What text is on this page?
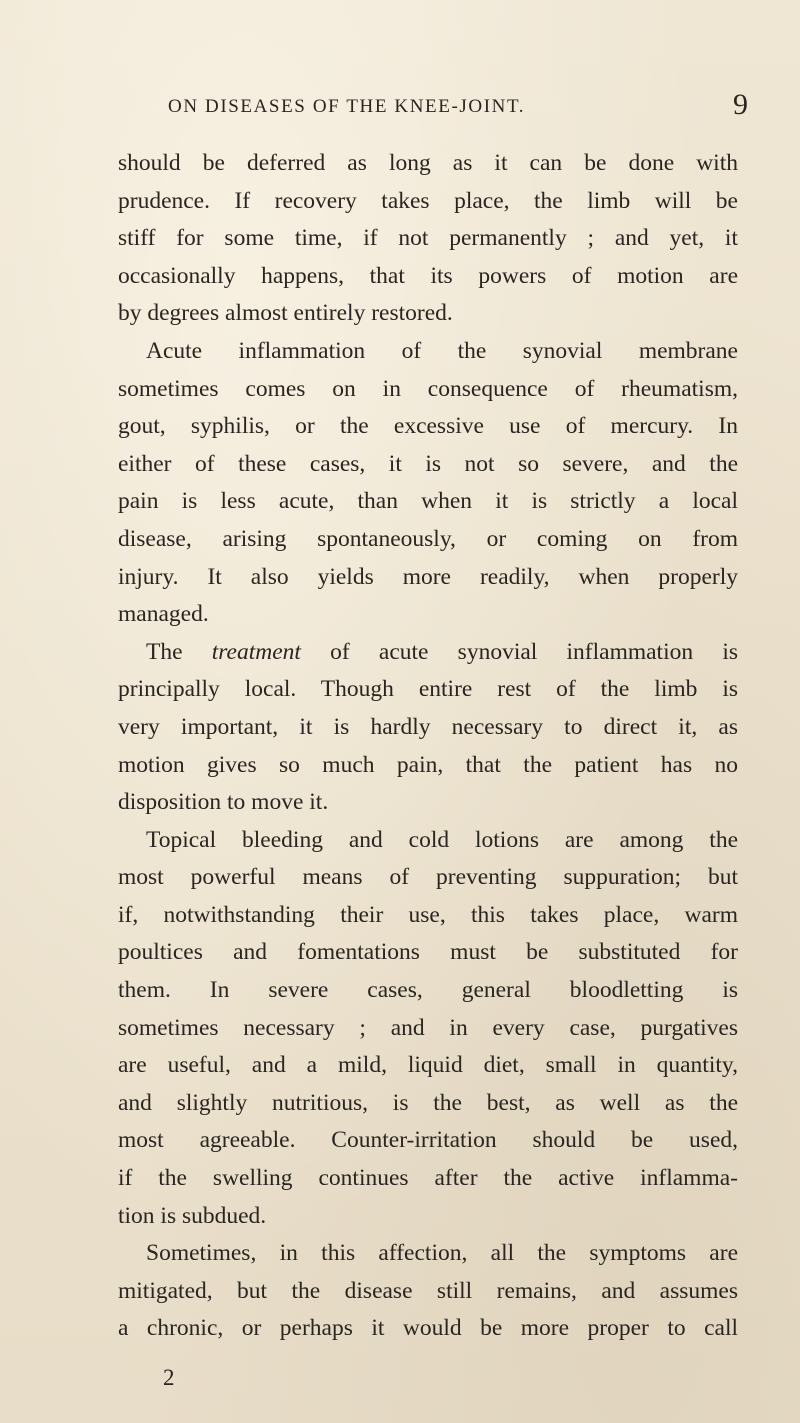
ON DISEASES OF THE KNEE-JOINT.	9
should be deferred as long as it can be done with
prudence. If recovery takes place, the limb will be
stiff for some time, if not permanently ; and yet, it
occasionally happens, that its powers of motion are
by degrees almost entirely restored.
Acute inflammation of the synovial membrane
sometimes comes on in consequence of rheumatism,
gout, syphilis, or the excessive use of mercury. In
either of these cases, it is not so severe, and the
pain is less acute, than when it is strictly a local
disease, arising spontaneously, or coming on from
injury. It also yields more readily, when properly
managed.
The treatment of acute synovial inflammation is
principally local. Though entire rest of the limb is
very important, it is hardly necessary to direct it, as
motion gives so much pain, that the patient has no
disposition to move it.
Topical bleeding and cold lotions are among the
most powerful means of preventing suppuration; but
if, notwithstanding their use, this takes place, warm
poultices and fomentations must be substituted for
them. In severe cases, general bloodletting is
sometimes necessary ; and in every case, purgatives
are useful, and a mild, liquid diet, small in quantity,
and slightly nutritious, is the best, as well as the
most agreeable. Counter-irritation should be used,
if the swelling continues after the active inflamma-
tion is subdued.
Sometimes, in this affection, all the symptoms are
mitigated, but the disease still remains, and assumes
a chronic, or perhaps it would be more proper to call
2
